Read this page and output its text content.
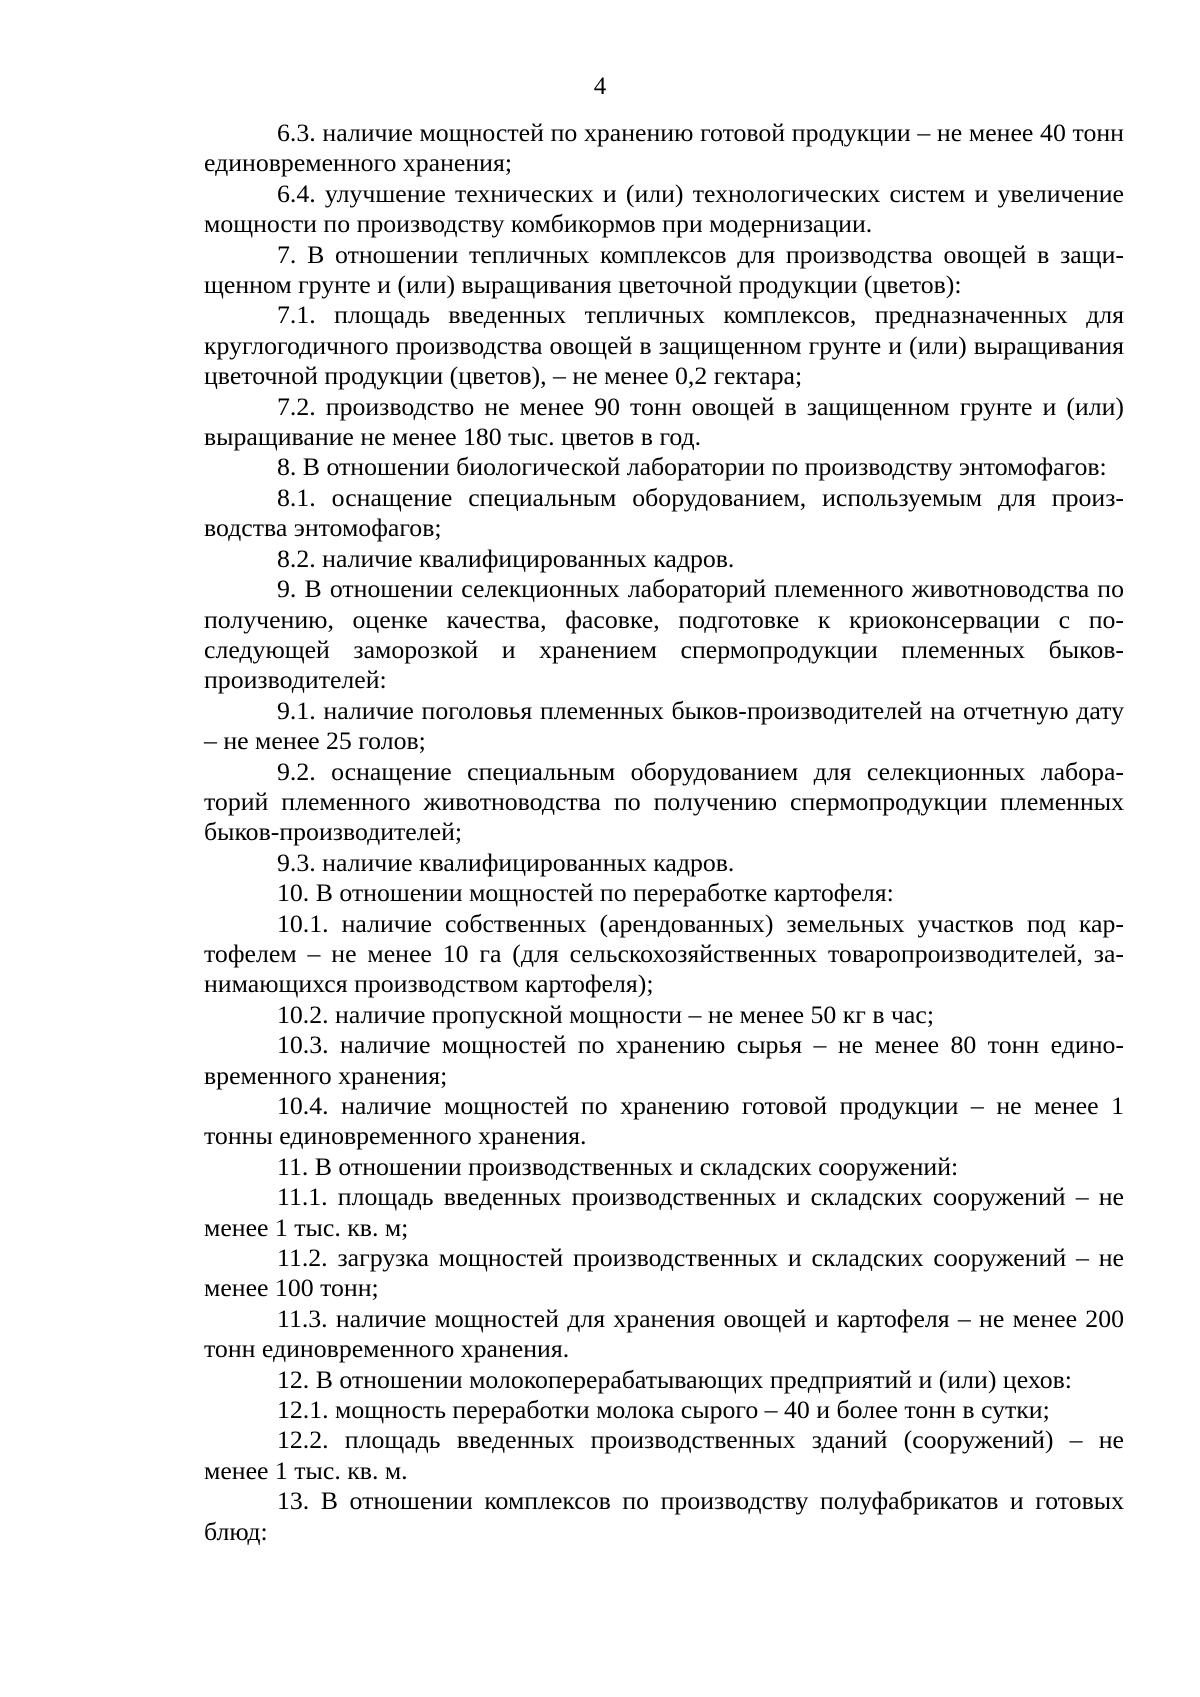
4

6.3. наличие мощностей по хранению готовой продукции – не менее 40 тонн единовременного хранения;

6.4. улучшение технических и (или) технологических систем и увеличение мощности по производству комбикормов при модернизации.

7. В отношении тепличных комплексов для производства овощей в защищенном грунте и (или) выращивания цветочной продукции (цветов):

7.1. площадь введенных тепличных комплексов, предназначенных для круглогодичного производства овощей в защищенном грунте и (или) выращивания цветочной продукции (цветов), – не менее 0,2 гектара;

7.2. производство не менее 90 тонн овощей в защищенном грунте и (или) выращивание не менее 180 тыс. цветов в год.

8. В отношении биологической лаборатории по производству энтомофагов:

8.1. оснащение специальным оборудованием, используемым для производства энтомофагов;

8.2. наличие квалифицированных кадров.

9. В отношении селекционных лабораторий племенного животноводства по получению, оценке качества, фасовке, подготовке к криоконсервации с последующей заморозкой и хранением спермопродукции племенных быков-производителей:

9.1. наличие поголовья племенных быков-производителей на отчетную дату – не менее 25 голов;

9.2. оснащение специальным оборудованием для селекционных лабораторий племенного животноводства по получению спермопродукции племенных быков-производителей;

9.3. наличие квалифицированных кадров.

10. В отношении мощностей по переработке картофеля:

10.1. наличие собственных (арендованных) земельных участков под картофелем – не менее 10 га (для сельскохозяйственных товаропроизводителей, занимающихся производством картофеля);

10.2. наличие пропускной мощности – не менее 50 кг в час;

10.3. наличие мощностей по хранению сырья – не менее 80 тонн единовременного хранения;

10.4. наличие мощностей по хранению готовой продукции – не менее 1 тонны единовременного хранения.

11. В отношении производственных и складских сооружений:

11.1. площадь введенных производственных и складских сооружений – не менее 1 тыс. кв. м;

11.2. загрузка мощностей производственных и складских сооружений – не менее 100 тонн;

11.3. наличие мощностей для хранения овощей и картофеля – не менее 200 тонн единовременного хранения.

12. В отношении молокоперерабатывающих предприятий и (или) цехов:

12.1. мощность переработки молока сырого – 40 и более тонн в сутки;

12.2. площадь введенных производственных зданий (сооружений) – не менее 1 тыс. кв. м.

13. В отношении комплексов по производству полуфабрикатов и готовых блюд:
